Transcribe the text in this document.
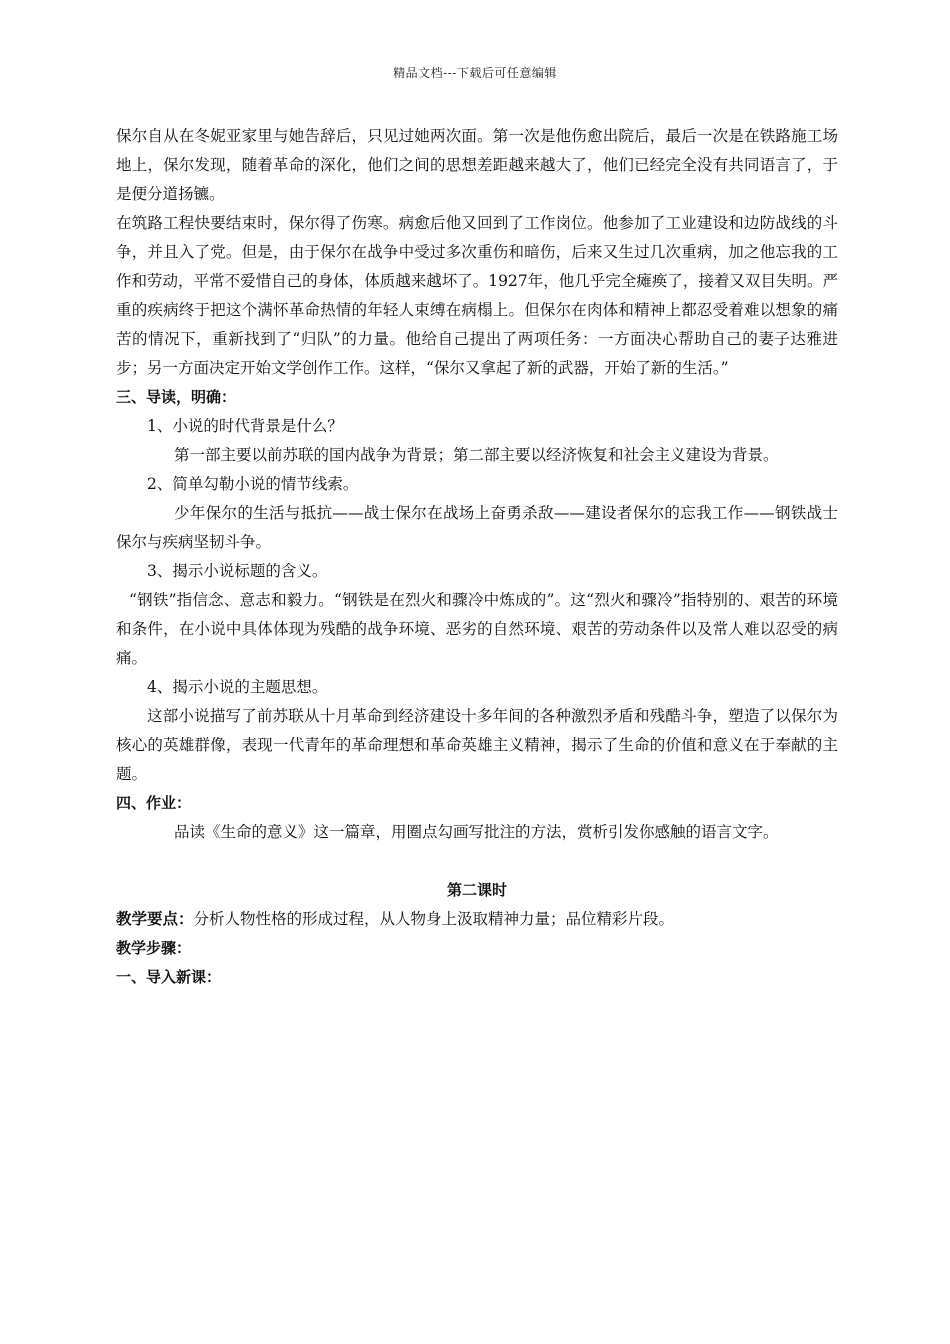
精品文档---下载后可任意编辑

保尔自从在冬妮亚家里与她告辞后，只见过她两次面。第一次是他伤愈出院后，最后一次是在铁路施工场地上，保尔发现，随着革命的深化，他们之间的思想差距越来越大了，他们已经完全没有共同语言了，于是便分道扬镳。

在筑路工程快要结束时，保尔得了伤寒。病愈后他又回到了工作岗位。他参加了工业建设和边防战线的斗争，并且入了党。但是，由于保尔在战争中受过多次重伤和暗伤，后来又生过几次重病，加之他忘我的工作和劳动，平常不爱惜自己的身体，体质越来越坏了。1927年，他几乎完全瘫痪了，接着又双目失明。严重的疾病终于把这个满怀革命热情的年轻人束缚在病榻上。但保尔在肉体和精神上都忍受着难以想象的痛苦的情况下，重新找到了“归队”的力量。他给自己提出了两项任务：一方面决心帮助自己的妻子达雅进步；另一方面决定开始文学创作工作。这样，“保尔又拿起了新的武器，开始了新的生活。”

三、导读，明确：

1、小说的时代背景是什么？

第一部主要以前苏联的国内战争为背景；第二部主要以经济恢复和社会主义建设为背景。

2、简单勾勒小说的情节线索。

少年保尔的生活与抵抗——战士保尔在战场上奋勇杀敌——建设者保尔的忘我工作——钢铁战士保尔与疾病坚韧斗争。

3、揭示小说标题的含义。

“钢铁”指信念、意志和毅力。“钢铁是在烈火和骤冷中炼成的”。这“烈火和骤冷”指特别的、艰苦的环境和条件，在小说中具体体现为残酷的战争环境、恶劣的自然环境、艰苦的劳动条件以及常人难以忍受的病痛。

4、揭示小说的主题思想。

这部小说描写了前苏联从十月革命到经济建设十多年间的各种激烈矛盾和残酷斗争，塑造了以保尔为核心的英雄群像，表现一代青年的革命理想和革命英雄主义精神，揭示了生命的价值和意义在于奉献的主题。

四、作业：

品读《生命的意义》这一篇章，用圈点勾画写批注的方法，赏析引发你感触的语言文字。

第二课时

教学要点：分析人物性格的形成过程，从人物身上汲取精神力量；品位精彩片段。

教学步骤：

一、导入新课：
